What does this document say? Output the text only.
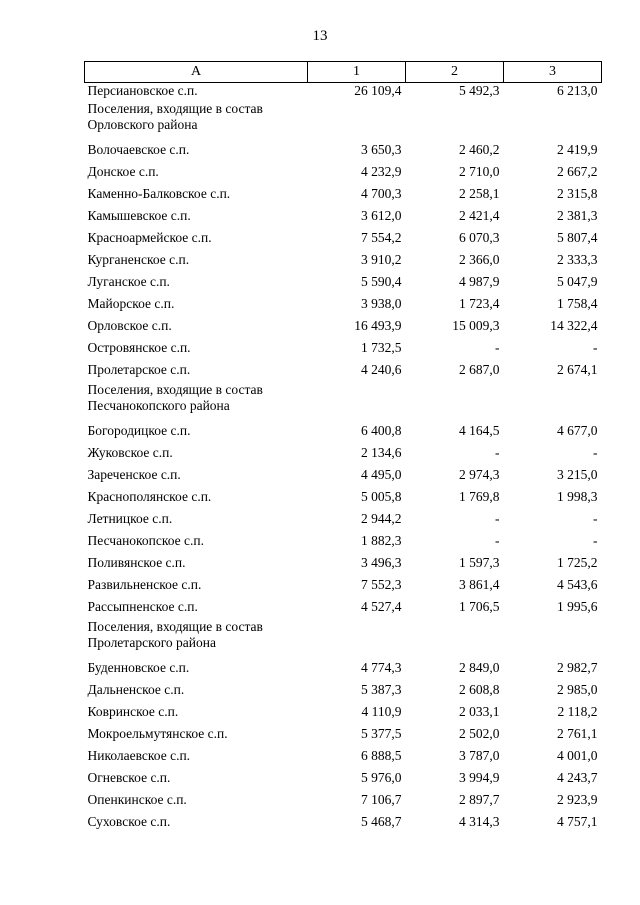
13
А	1	2	3
Персиановское с.п.	26 109,4	5 492,3	6 213,0
Поселения, входящие в состав Орловского района			
Волочаевское с.п.	3 650,3	2 460,2	2 419,9
Донское с.п.	4 232,9	2 710,0	2 667,2
Каменно-Балковское с.п.	4 700,3	2 258,1	2 315,8
Камышевское с.п.	3 612,0	2 421,4	2 381,3
Красноармейское с.п.	7 554,2	6 070,3	5 807,4
Курганенское с.п.	3 910,2	2 366,0	2 333,3
Луганское с.п.	5 590,4	4 987,9	5 047,9
Майорское с.п.	3 938,0	1 723,4	1 758,4
Орловское с.п.	16 493,9	15 009,3	14 322,4
Островянское с.п.	1 732,5	-	-
Пролетарское с.п.	4 240,6	2 687,0	2 674,1
Поселения, входящие в состав Песчанокопского района			
Богородицкое с.п.	6 400,8	4 164,5	4 677,0
Жуковское с.п.	2 134,6	-	-
Зареченское с.п.	4 495,0	2 974,3	3 215,0
Краснополянское с.п.	5 005,8	1 769,8	1 998,3
Летницкое с.п.	2 944,2	-	-
Песчанокопское с.п.	1 882,3	-	-
Поливянское с.п.	3 496,3	1 597,3	1 725,2
Развильненское с.п.	7 552,3	3 861,4	4 543,6
Рассыпненское с.п.	4 527,4	1 706,5	1 995,6
Поселения, входящие в состав Пролетарского района			
Буденновское с.п.	4 774,3	2 849,0	2 982,7
Дальненское с.п.	5 387,3	2 608,8	2 985,0
Ковринское с.п.	4 110,9	2 033,1	2 118,2
Мокроельмутянское с.п.	5 377,5	2 502,0	2 761,1
Николаевское с.п.	6 888,5	3 787,0	4 001,0
Огневское с.п.	5 976,0	3 994,9	4 243,7
Опенкинское с.п.	7 106,7	2 897,7	2 923,9
Суховское с.п.	5 468,7	4 314,3	4 757,1
